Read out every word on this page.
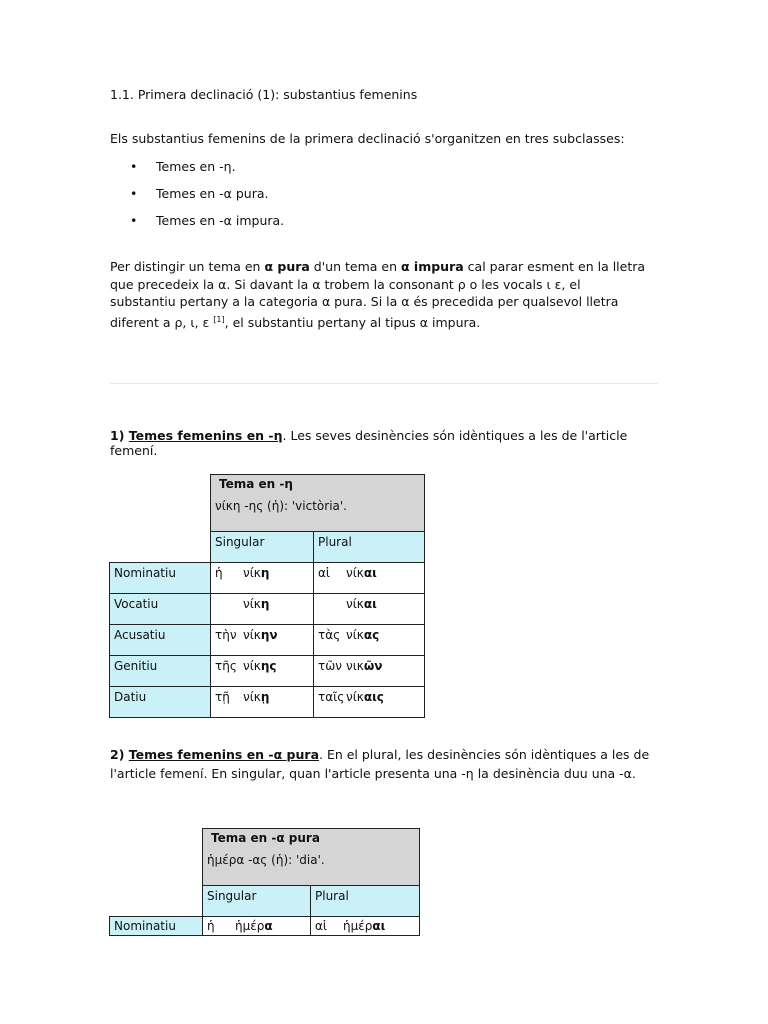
1.1. Primera declinació (1): substantius femenins

Els substantius femenins de la primera declinació s'organitzen en tres subclasses:

• Temes en -η.
• Temes en -α pura.
• Temes en -α impura.

Per distingir un tema en α pura d'un tema en α impura cal parar esment en la lletra que precedeix la α. Si davant la α trobem la consonant ρ o les vocals ι ε, el substantiu pertany a la categoria α pura. Si la α és precedida per qualsevol lletra diferent a ρ, ι, ε [1], el substantiu pertany al tipus α impura.

1) Temes femenins en -η. Les seves desinències són idèntiques a les de l'article femení.

	Tema en -η
νίκη -ης (ἡ): 'victòria'.	

	Singular	Plural
Nominatiu	ἡ νίκη	αἱ νίκαι
Vocatiu	νίκη	νίκαι
Acusatiu	τὴν νίκην	τὰς νίκας
Genitiu	τῆς νίκης	τῶν νικῶν
Datiu	τῇ νίκῃ	ταῖς νίκαις

2) Temes femenins en -α pura. En el plural, les desinències són idèntiques a les de l'article femení. En singular, quan l'article presenta una -η la desinència duu una -α.

	Tema en -α pura
ἡμέρα -ας (ἡ): 'dia'.	

	Singular	Plural
Nominatiu	ἡ ἡμέρα	αἱ ἡμέραι
